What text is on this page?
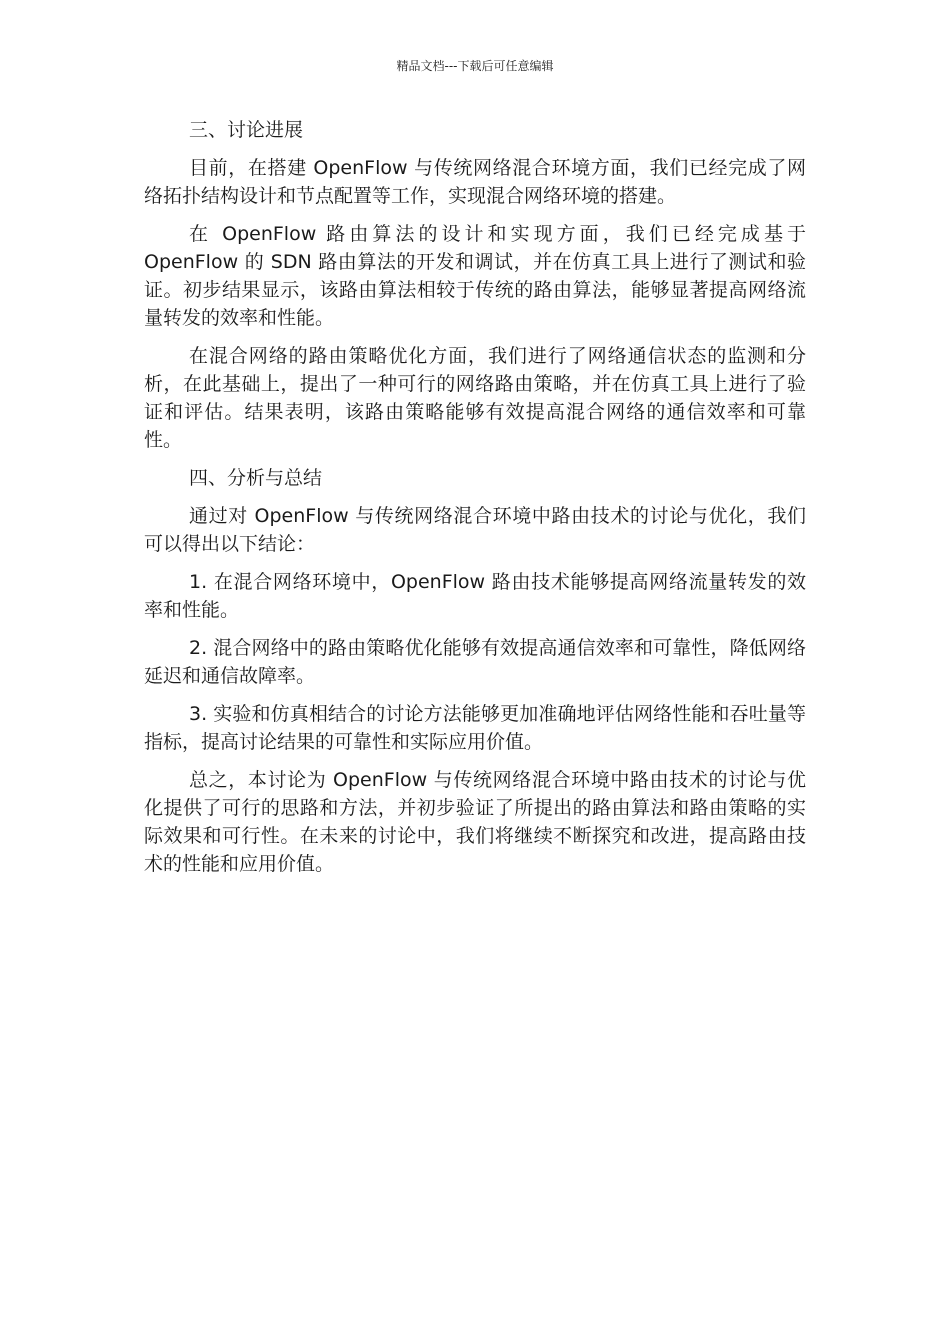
精品文档---下载后可任意编辑

三、讨论进展

目前，在搭建 OpenFlow 与传统网络混合环境方面，我们已经完成了网络拓扑结构设计和节点配置等工作，实现混合网络环境的搭建。

在 OpenFlow 路由算法的设计和实现方面，我们已经完成基于 OpenFlow 的 SDN 路由算法的开发和调试，并在仿真工具上进行了测试和验证。初步结果显示，该路由算法相较于传统的路由算法，能够显著提高网络流量转发的效率和性能。

在混合网络的路由策略优化方面，我们进行了网络通信状态的监测和分析，在此基础上，提出了一种可行的网络路由策略，并在仿真工具上进行了验证和评估。结果表明，该路由策略能够有效提高混合网络的通信效率和可靠性。

四、分析与总结

通过对 OpenFlow 与传统网络混合环境中路由技术的讨论与优化，我们可以得出以下结论：

1. 在混合网络环境中，OpenFlow 路由技术能够提高网络流量转发的效率和性能。

2. 混合网络中的路由策略优化能够有效提高通信效率和可靠性，降低网络延迟和通信故障率。

3. 实验和仿真相结合的讨论方法能够更加准确地评估网络性能和吞吐量等指标，提高讨论结果的可靠性和实际应用价值。

总之，本讨论为 OpenFlow 与传统网络混合环境中路由技术的讨论与优化提供了可行的思路和方法，并初步验证了所提出的路由算法和路由策略的实际效果和可行性。在未来的讨论中，我们将继续不断探究和改进，提高路由技术的性能和应用价值。
